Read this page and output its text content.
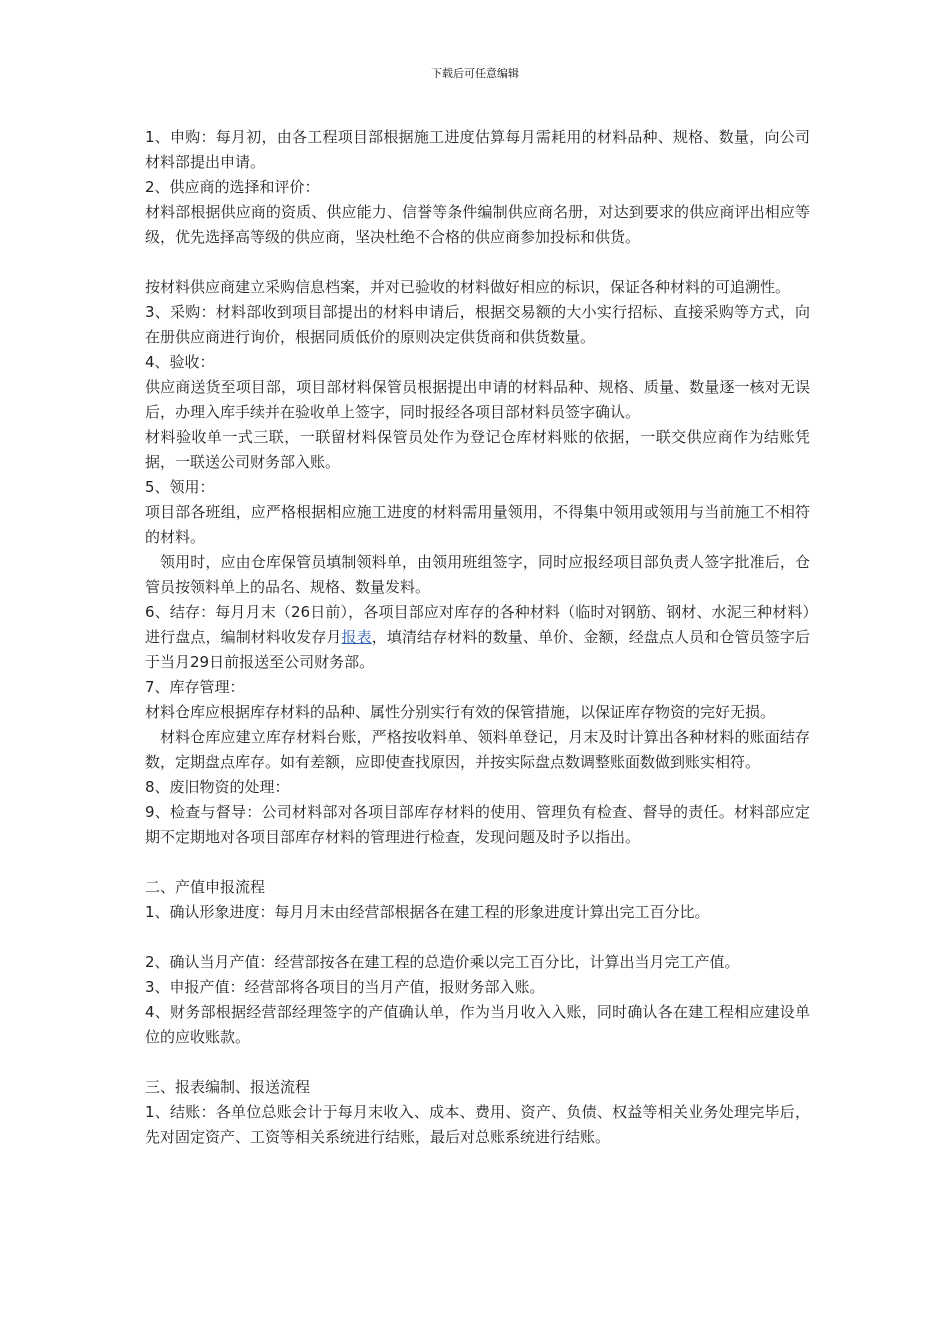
下载后可任意编辑

1、申购：每月初，由各工程项目部根据施工进度估算每月需耗用的材料品种、规格、数量，向公司材料部提出申请。

2、供应商的选择和评价：

材料部根据供应商的资质、供应能力、信誉等条件编制供应商名册，对达到要求的供应商评出相应等级，优先选择高等级的供应商，坚决杜绝不合格的供应商参加投标和供货。

按材料供应商建立采购信息档案，并对已验收的材料做好相应的标识，保证各种材料的可追溯性。

3、采购：材料部收到项目部提出的材料申请后，根据交易额的大小实行招标、直接采购等方式，向在册供应商进行询价，根据同质低价的原则决定供货商和供货数量。

4、验收：

供应商送货至项目部，项目部材料保管员根据提出申请的材料品种、规格、质量、数量逐一核对无误后，办理入库手续并在验收单上签字，同时报经各项目部材料员签字确认。

材料验收单一式三联，一联留材料保管员处作为登记仓库材料账的依据，一联交供应商作为结账凭据，一联送公司财务部入账。

5、领用：

项目部各班组，应严格根据相应施工进度的材料需用量领用，不得集中领用或领用与当前施工不相符的材料。

领用时，应由仓库保管员填制领料单，由领用班组签字，同时应报经项目部负责人签字批准后，仓管员按领料单上的品名、规格、数量发料。

6、结存：每月月末（26日前），各项目部应对库存的各种材料（临时对钢筋、钢材、水泥三种材料）进行盘点，编制材料收发存月报表，填清结存材料的数量、单价、金额，经盘点人员和仓管员签字后于当月29日前报送至公司财务部。

7、库存管理：

材料仓库应根据库存材料的品种、属性分别实行有效的保管措施，以保证库存物资的完好无损。

材料仓库应建立库存材料台账，严格按收料单、领料单登记，月末及时计算出各种材料的账面结存数，定期盘点库存。如有差额，应即使查找原因，并按实际盘点数调整账面数做到账实相符。

8、废旧物资的处理：

9、检查与督导：公司材料部对各项目部库存材料的使用、管理负有检查、督导的责任。材料部应定期不定期地对各项目部库存材料的管理进行检查，发现问题及时予以指出。

二、产值申报流程

1、确认形象进度：每月月末由经营部根据各在建工程的形象进度计算出完工百分比。

2、确认当月产值：经营部按各在建工程的总造价乘以完工百分比，计算出当月完工产值。

3、申报产值：经营部将各项目的当月产值，报财务部入账。

4、财务部根据经营部经理签字的产值确认单，作为当月收入入账，同时确认各在建工程相应建设单位的应收账款。

三、报表编制、报送流程

1、结账：各单位总账会计于每月末收入、成本、费用、资产、负债、权益等相关业务处理完毕后，先对固定资产、工资等相关系统进行结账，最后对总账系统进行结账。
